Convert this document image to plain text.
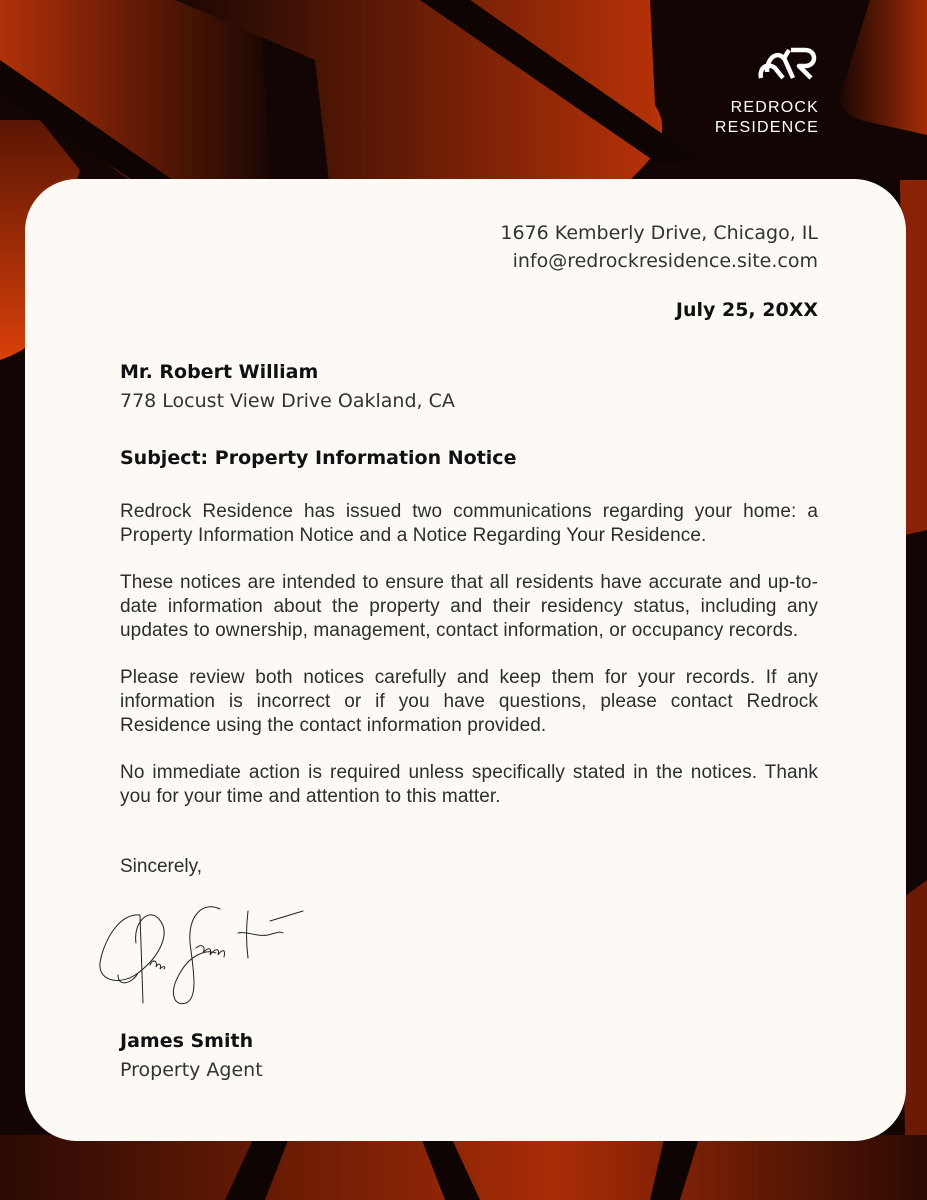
REDROCK
RESIDENCE
1676 Kemberly Drive, Chicago, IL
info@redrockresidence.site.com
July 25, 20XX
Mr. Robert William
778 Locust View Drive Oakland, CA
Subject: Property Information Notice

Redrock Residence has issued two communications regarding your home: a Property Information Notice and a Notice Regarding Your Residence.

These notices are intended to ensure that all residents have accurate and up-to-date information about the property and their residency status, including any updates to ownership, management, contact information, or occupancy records.

Please review both notices carefully and keep them for your records. If any information is incorrect or if you have questions, please contact Redrock Residence using the contact information provided.

No immediate action is required unless specifically stated in the notices. Thank you for your time and attention to this matter.

Sincerely,
James Smith
Property Agent
